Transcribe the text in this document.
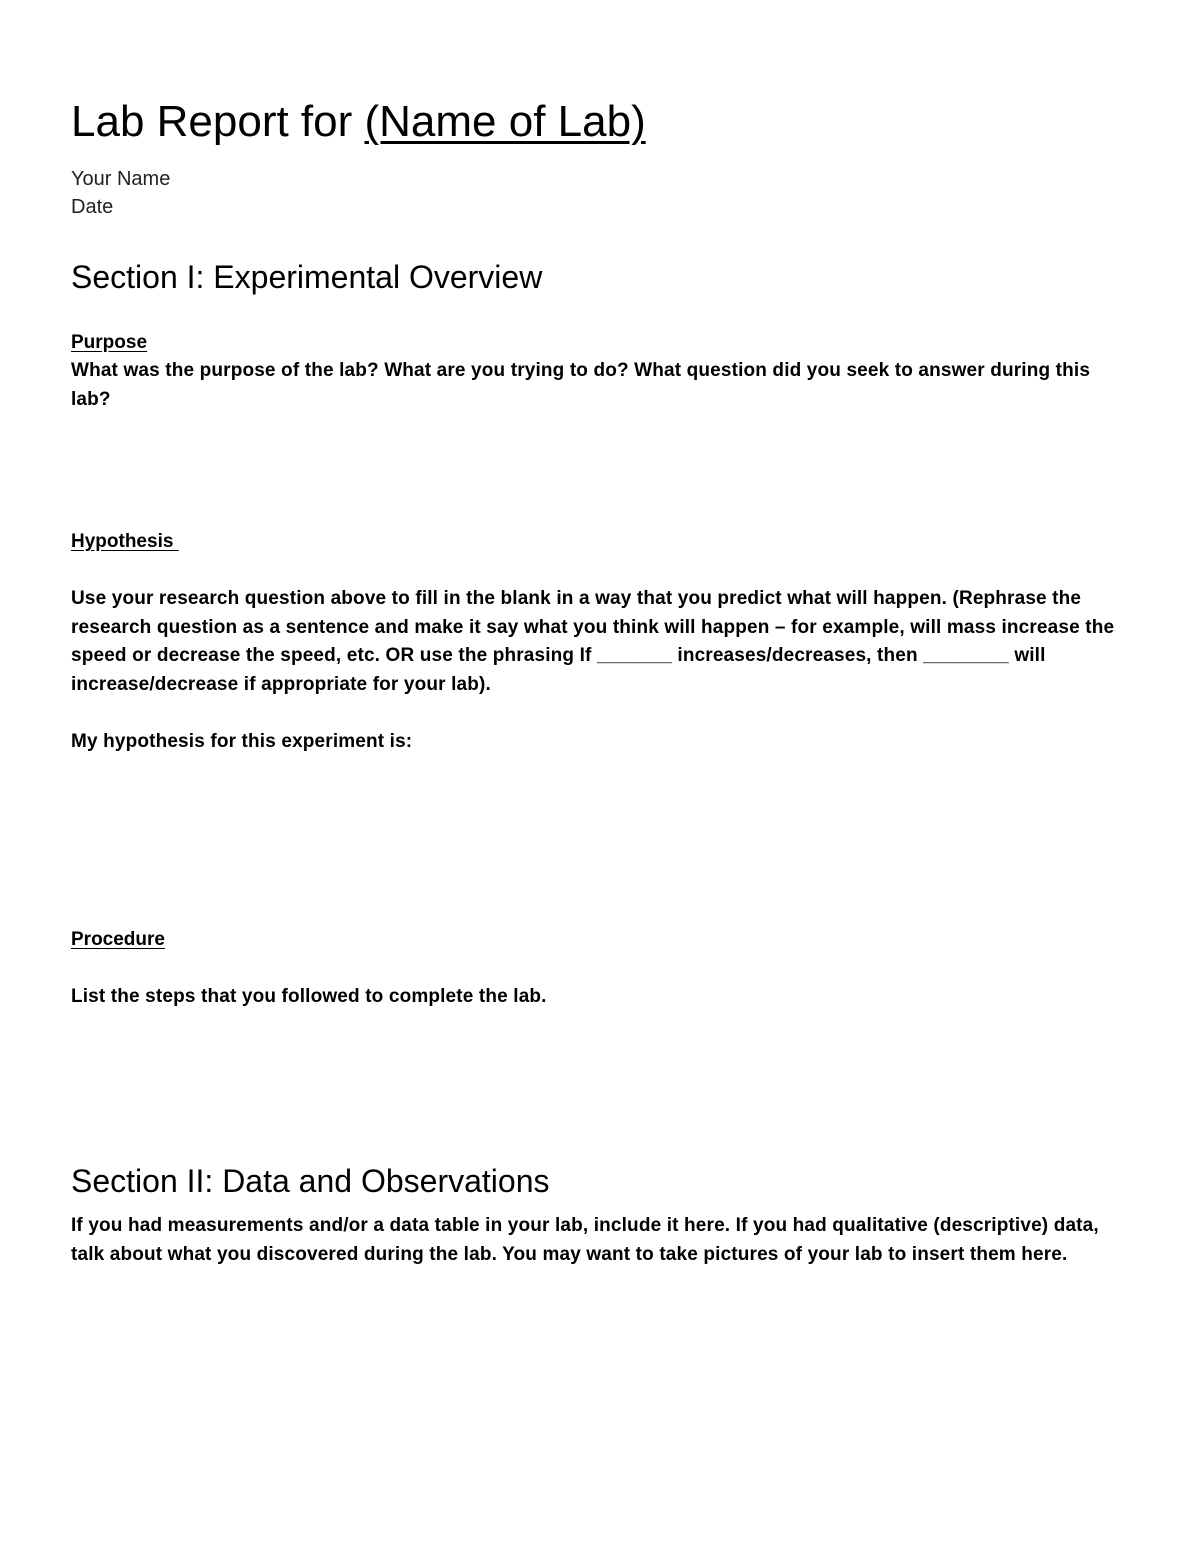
Lab Report for (Name of Lab)
Your Name
Date
Section I: Experimental Overview
Purpose

What was the purpose of the lab? What are you trying to do? What question did you seek to answer during this lab?

Hypothesis

Use your research question above to fill in the blank in a way that you predict what will happen. (Rephrase the research question as a sentence and make it say what you think will happen – for example, will mass increase the speed or decrease the speed, etc. OR use the phrasing If _______ increases/decreases, then ________ will increase/decrease if appropriate for your lab).

My hypothesis for this experiment is:

Procedure

List the steps that you followed to complete the lab.

Section II: Data and Observations

If you had measurements and/or a data table in your lab, include it here. If you had qualitative (descriptive) data, talk about what you discovered during the lab. You may want to take pictures of your lab to insert them here.
